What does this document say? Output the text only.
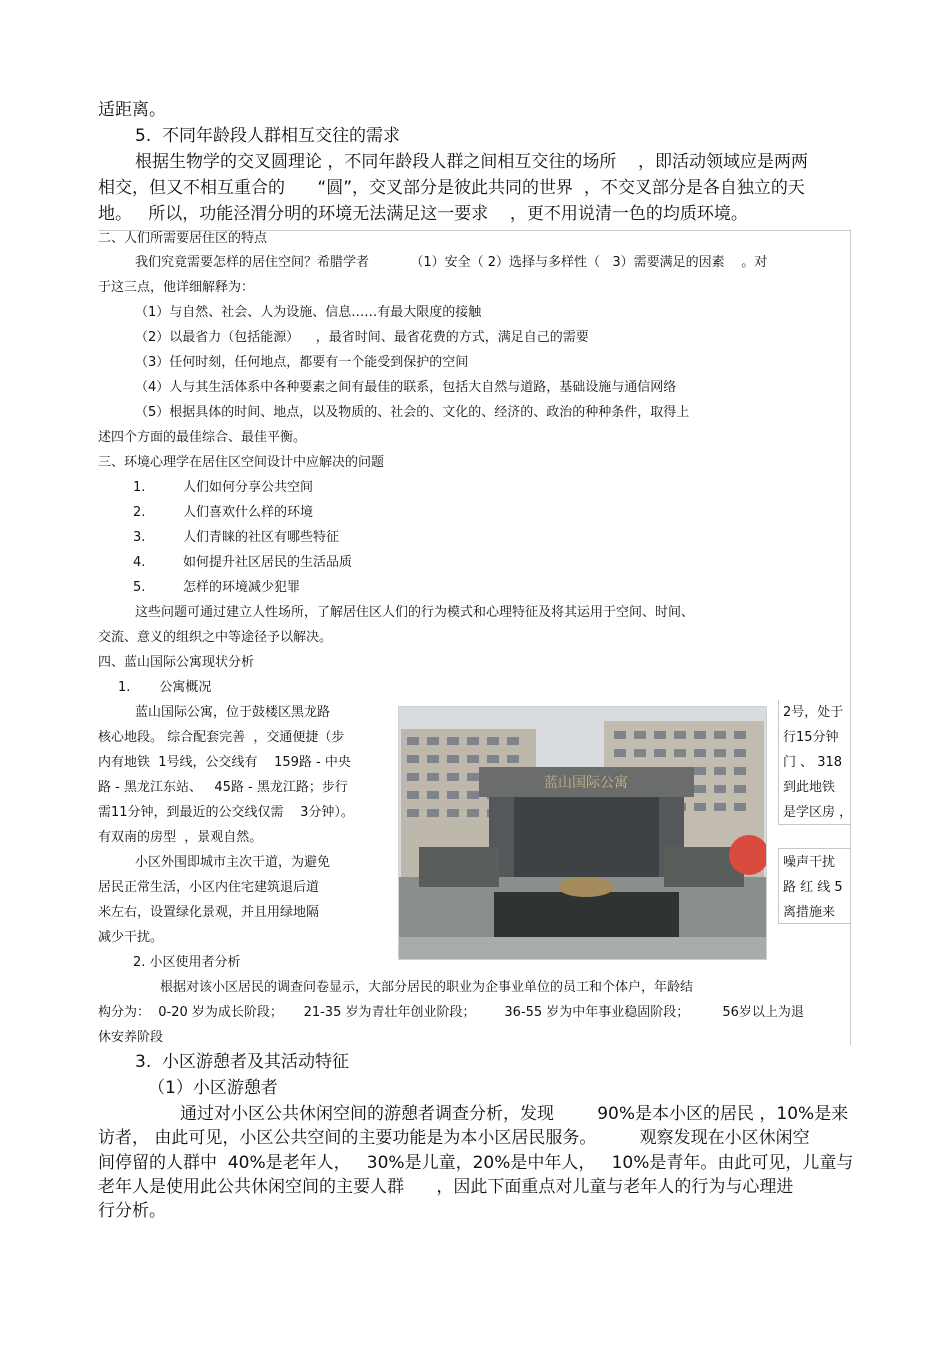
适距离。
5.  不同年龄段人群相互交往的需求
根据生物学的交叉圆理论 ，不同年龄段人群之间相互交往的场所    ，即活动领域应是两两
相交，但又不相互重合的      “圆”，交叉部分是彼此共同的世界  ，不交叉部分是各自独立的天
地。   所以，功能泾渭分明的环境无法满足这一要求    ，更不用说清一色的均质环境。
二、人们所需要居住区的特点
我们究竟需要怎样的居住空间？希腊学者          （1）安全（ 2）选择与多样性（   3）需要满足的因素    。对
于这三点，他详细解释为：
（1）与自然、社会、人为设施、信息……有最大限度的接触
（2）以最省力（包括能源）    ，最省时间、最省花费的方式，满足自己的需要
（3）任何时刻，任何地点，都要有一个能受到保护的空间
（4）人与其生活体系中各种要素之间有最佳的联系，包括大自然与道路，基础设施与通信网络
（5）根据具体的时间、地点，以及物质的、社会的、文化的、经济的、政治的种种条件，取得上
述四个方面的最佳综合、最佳平衡。
三、环境心理学在居住区空间设计中应解决的问题
1.	人们如何分享公共空间
2.	人们喜欢什么样的环境
3.	人们青睐的社区有哪些特征
4.	如何提升社区居民的生活品质
5.	怎样的环境减少犯罪
这些问题可通过建立人性场所，了解居住区人们的行为模式和心理特征及将其运用于空间、时间、
交流、意义的组织之中等途径予以解决。
四、蓝山国际公寓现状分析
1.       公寓概况
蓝山国际公寓，位于鼓楼区黑龙路
核心地段。 综合配套完善  ，交通便捷（步
内有地铁  1号线，公交线有    159路 - 中央
路 - 黑龙江东站、   45路 - 黑龙江路；步行
需11分钟，到最近的公交线仅需    3分钟）。
有双南的房型  ，景观自然。
小区外围即城市主次干道，为避免
居民正常生活，小区内住宅建筑退后道
米左右，设置绿化景观，并且用绿地隔
减少干扰。
2号，处于
行15分钟
门 、 318
到此地铁
是学区房 ，
噪声干扰
路 红 线 5
离措施来
蓝山国际公寓
2. 小区使用者分析
根据对该小区居民的调查问卷显示，大部分居民的职业为企事业单位的员工和个体户，年龄结
构分为：  0-20 岁为成长阶段；     21-35 岁为青壮年创业阶段；       36-55 岁为中年事业稳固阶段；        56岁以上为退
休安养阶段
3.  小区游憩者及其活动特征
（1）小区游憩者
通过对小区公共休闲空间的游憩者调查分析，发现        90%是本小区的居民 ，10%是来
访者， 由此可见，小区公共空间的主要功能是为本小区居民服务。        观察发现在小区休闲空
间停留的人群中  40%是老年人，   30%是儿童，20%是中年人，   10%是青年。由此可见，儿童与
老年人是使用此公共休闲空间的主要人群      ，因此下面重点对儿童与老年人的行为与心理进
行分析。
